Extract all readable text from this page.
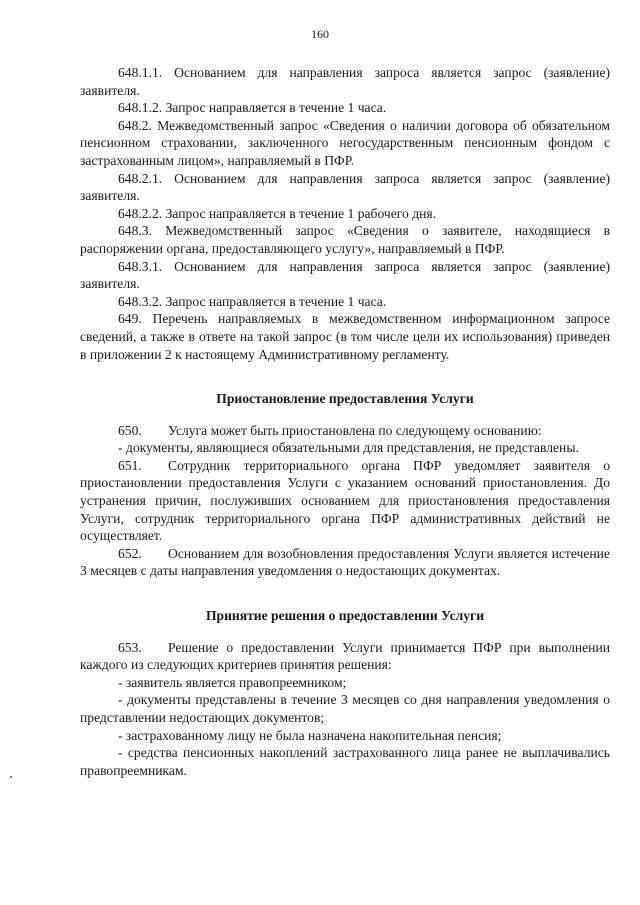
160

648.1.1. Основанием для направления запроса является запрос (заявление) заявителя.

648.1.2. Запрос направляется в течение 1 часа.

648.2. Межведомственный запрос «Сведения о наличии договора об обязательном пенсионном страховании, заключенного негосударственным пенсионным фондом с застрахованным лицом», направляемый в ПФР.

648.2.1. Основанием для направления запроса является запрос (заявление) заявителя.

648.2.2. Запрос направляется в течение 1 рабочего дня.

648.3. Межведомственный запрос «Сведения о заявителе, находящиеся в распоряжении органа, предоставляющего услугу», направляемый в ПФР.

648.3.1. Основанием для направления запроса является запрос (заявление) заявителя.

648.3.2. Запрос направляется в течение 1 часа.

649. Перечень направляемых в межведомственном информационном запросе сведений, а также в ответе на такой запрос (в том числе цели их использования) приведен в приложении 2 к настоящему Административному регламенту.

Приостановление предоставления Услуги

650. Услуга может быть приостановлена по следующему основанию:

- документы, являющиеся обязательными для представления, не представлены.

651. Сотрудник территориального органа ПФР уведомляет заявителя о приостановлении предоставления Услуги с указанием оснований приостановления. До устранения причин, послуживших основанием для приостановления предоставления Услуги, сотрудник территориального органа ПФР административных действий не осуществляет.

652. Основанием для возобновления предоставления Услуги является истечение 3 месяцев с даты направления уведомления о недостающих документах.

Принятие решения о предоставлении Услуги

653. Решение о предоставлении Услуги принимается ПФР при выполнении каждого из следующих критериев принятия решения:

- заявитель является правопреемником;

- документы представлены в течение 3 месяцев со дня направления уведомления о представлении недостающих документов;

- застрахованному лицу не была назначена накопительная пенсия;

- средства пенсионных накоплений застрахованного лица ранее не выплачивались правопреемникам.
